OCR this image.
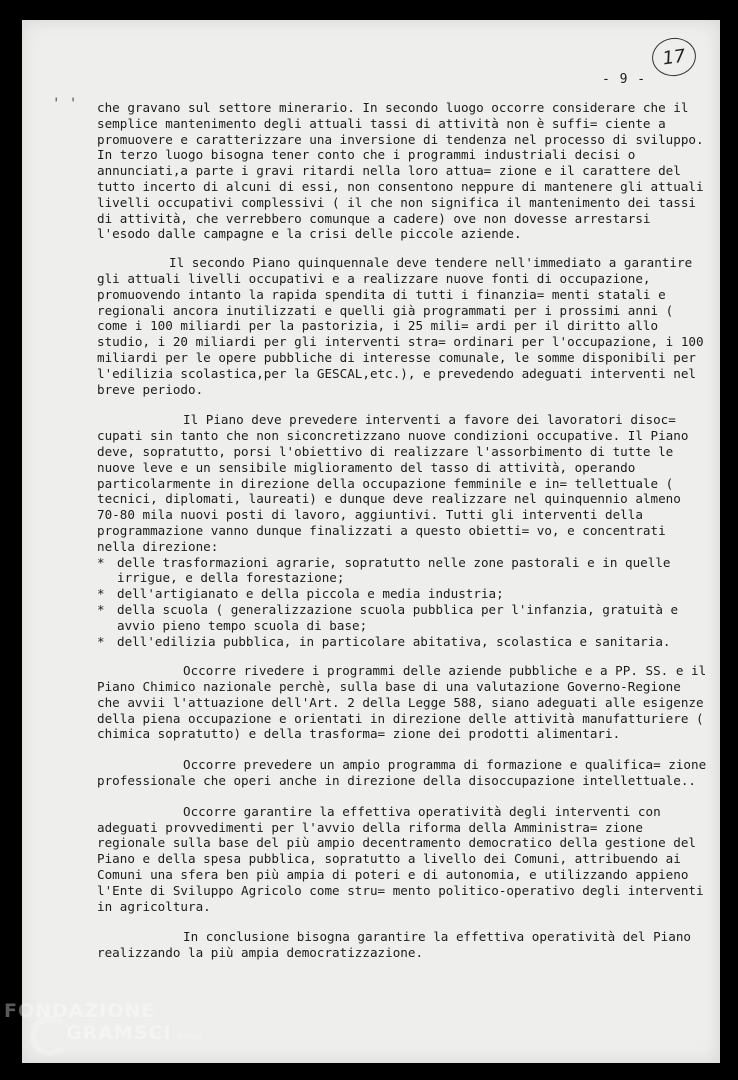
17
- 9 -
' ' che gravano sul settore minerario. In secondo luogo occorre considerare che il semplice mantenimento degli attuali tassi di attività non è suffi= ciente a promuovere e caratterizzare una inversione di tendenza nel processo di sviluppo. In terzo luogo bisogna tener conto che i programmi industriali decisi o annunciati,a parte i gravi ritardi nella loro attua= zione e il carattere del tutto incerto di alcuni di essi, non consentono neppure di mantenere gli attuali livelli occupativi complessivi ( il che non significa il mantenimento dei tassi di attività, che verrebbero comunque a cadere) ove non dovesse arrestarsi l'esodo dalle campagne e la crisi delle piccole aziende.

Il secondo Piano quinquennale deve tendere nell'immediato a garantire gli attuali livelli occupativi e a realizzare nuove fonti di occupazione, promuovendo intanto la rapida spendita di tutti i finanzia= menti statali e regionali ancora inutilizzati e quelli già programmati per i prossimi anni ( come i 100 miliardi per la pastorizia, i 25 mili= ardi per il diritto allo studio, i 20 miliardi per gli interventi stra= ordinari per l'occupazione, i 100 miliardi per le opere pubbliche di interesse comunale, le somme disponibili per l'edilizia scolastica,per la GESCAL,etc.), e prevedendo adeguati interventi nel breve periodo.

Il Piano deve prevedere interventi a favore dei lavoratori disoc= cupati sin tanto che non siconcretizzano nuove condizioni occupative. Il Piano deve, sopratutto, porsi l'obiettivo di realizzare l'assorbimento di tutte le nuove leve e un sensibile miglioramento del tasso di attività, operando particolarmente in direzione della occupazione femminile e in= tellettuale ( tecnici, diplomati, laureati) e dunque deve realizzare nel quinquennio almeno 70-80 mila nuovi posti di lavoro, aggiuntivi. Tutti gli interventi della programmazione vanno dunque finalizzati a questo obietti= vo, e concentrati nella direzione:

* delle trasformazioni agrarie, sopratutto nelle zone pastorali e in quelle irrigue, e della forestazione;
* dell'artigianato e della piccola e media industria;
* della scuola ( generalizzazione scuola pubblica per l'infanzia, gratuità e avvio pieno tempo scuola di base;
* dell'edilizia pubblica, in particolare abitativa, scolastica e sanitaria.

Occorre rivedere i programmi delle aziende pubbliche e a PP. SS. e il Piano Chimico nazionale perchè, sulla base di una valutazione Governo-Regione che avvii l'attuazione dell'Art. 2 della Legge 588, siano adeguati alle esigenze della piena occupazione e orientati in direzione delle attività manufatturiere ( chimica sopratutto) e della trasforma= zione dei prodotti alimentari.

Occorre prevedere un ampio programma di formazione e qualifica= zione professionale che operi anche in direzione della disoccupazione intellettuale..

Occorre garantire la effettiva operatività degli interventi con adeguati provvedimenti per l'avvio della riforma della Amministra= zione regionale sulla base del più ampio decentramento democratico della gestione del Piano e della spesa pubblica, sopratutto a livello dei Comuni, attribuendo ai Comuni una sfera ben più ampia di poteri e di autonomia, e utilizzando appieno l'Ente di Sviluppo Agricolo come stru= mento politico-operativo degli interventi in agricoltura.

In conclusione bisogna garantire la effettiva operatività del Piano realizzando la più ampia democratizzazione.

FONDAZIONE
GRAMSCI onlus
